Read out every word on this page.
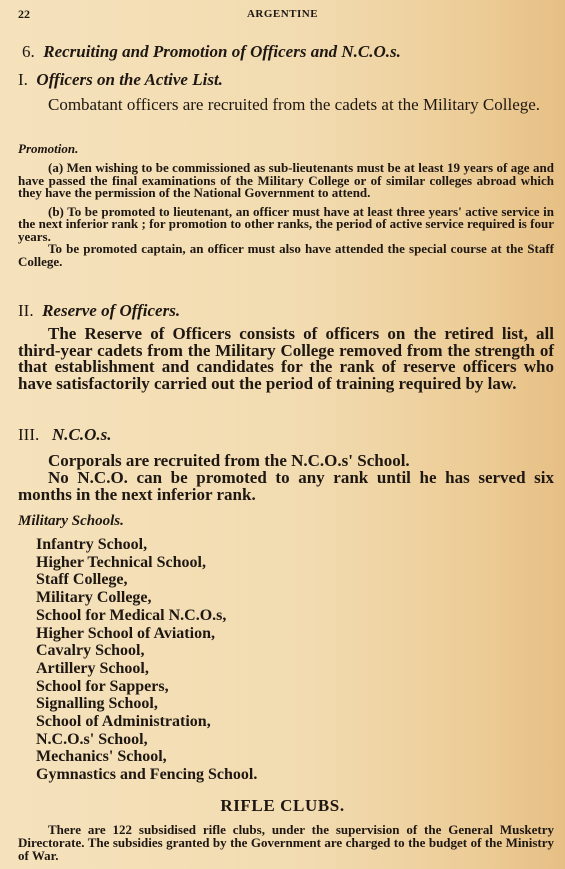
22	ARGENTINE
6. Recruiting and Promotion of Officers and N.C.O.s.
I. Officers on the Active List.

Combatant officers are recruited from the cadets at the Military College.

Promotion.

(a) Men wishing to be commissioned as sub-lieutenants must be at least 19 years of age and have passed the final examinations of the Military College or of similar colleges abroad which they have the permission of the National Government to attend.

(b) To be promoted to lieutenant, an officer must have at least three years' active service in the next inferior rank ; for promotion to other ranks, the period of active service required is four years.

To be promoted captain, an officer must also have attended the special course at the Staff College.

II. Reserve of Officers.

The Reserve of Officers consists of officers on the retired list, all third-year cadets from the Military College removed from the strength of that establishment and candidates for the rank of reserve officers who have satisfactorily carried out the period of training required by law.

III. N.C.O.s.

Corporals are recruited from the N.C.O.s' School.

No N.C.O. can be promoted to any rank until he has served six months in the next inferior rank.

Military Schools.
Infantry School,
Higher Technical School,
Staff College,
Military College,
School for Medical N.C.O.s,
Higher School of Aviation,
Cavalry School,
Artillery School,
School for Sappers,
Signalling School,
School of Administration,
N.C.O.s' School,
Mechanics' School,
Gymnastics and Fencing School.
RIFLE CLUBS.

There are 122 subsidised rifle clubs, under the supervision of the General Musketry Directorate. The subsidies granted by the Government are charged to the budget of the Ministry of War.
